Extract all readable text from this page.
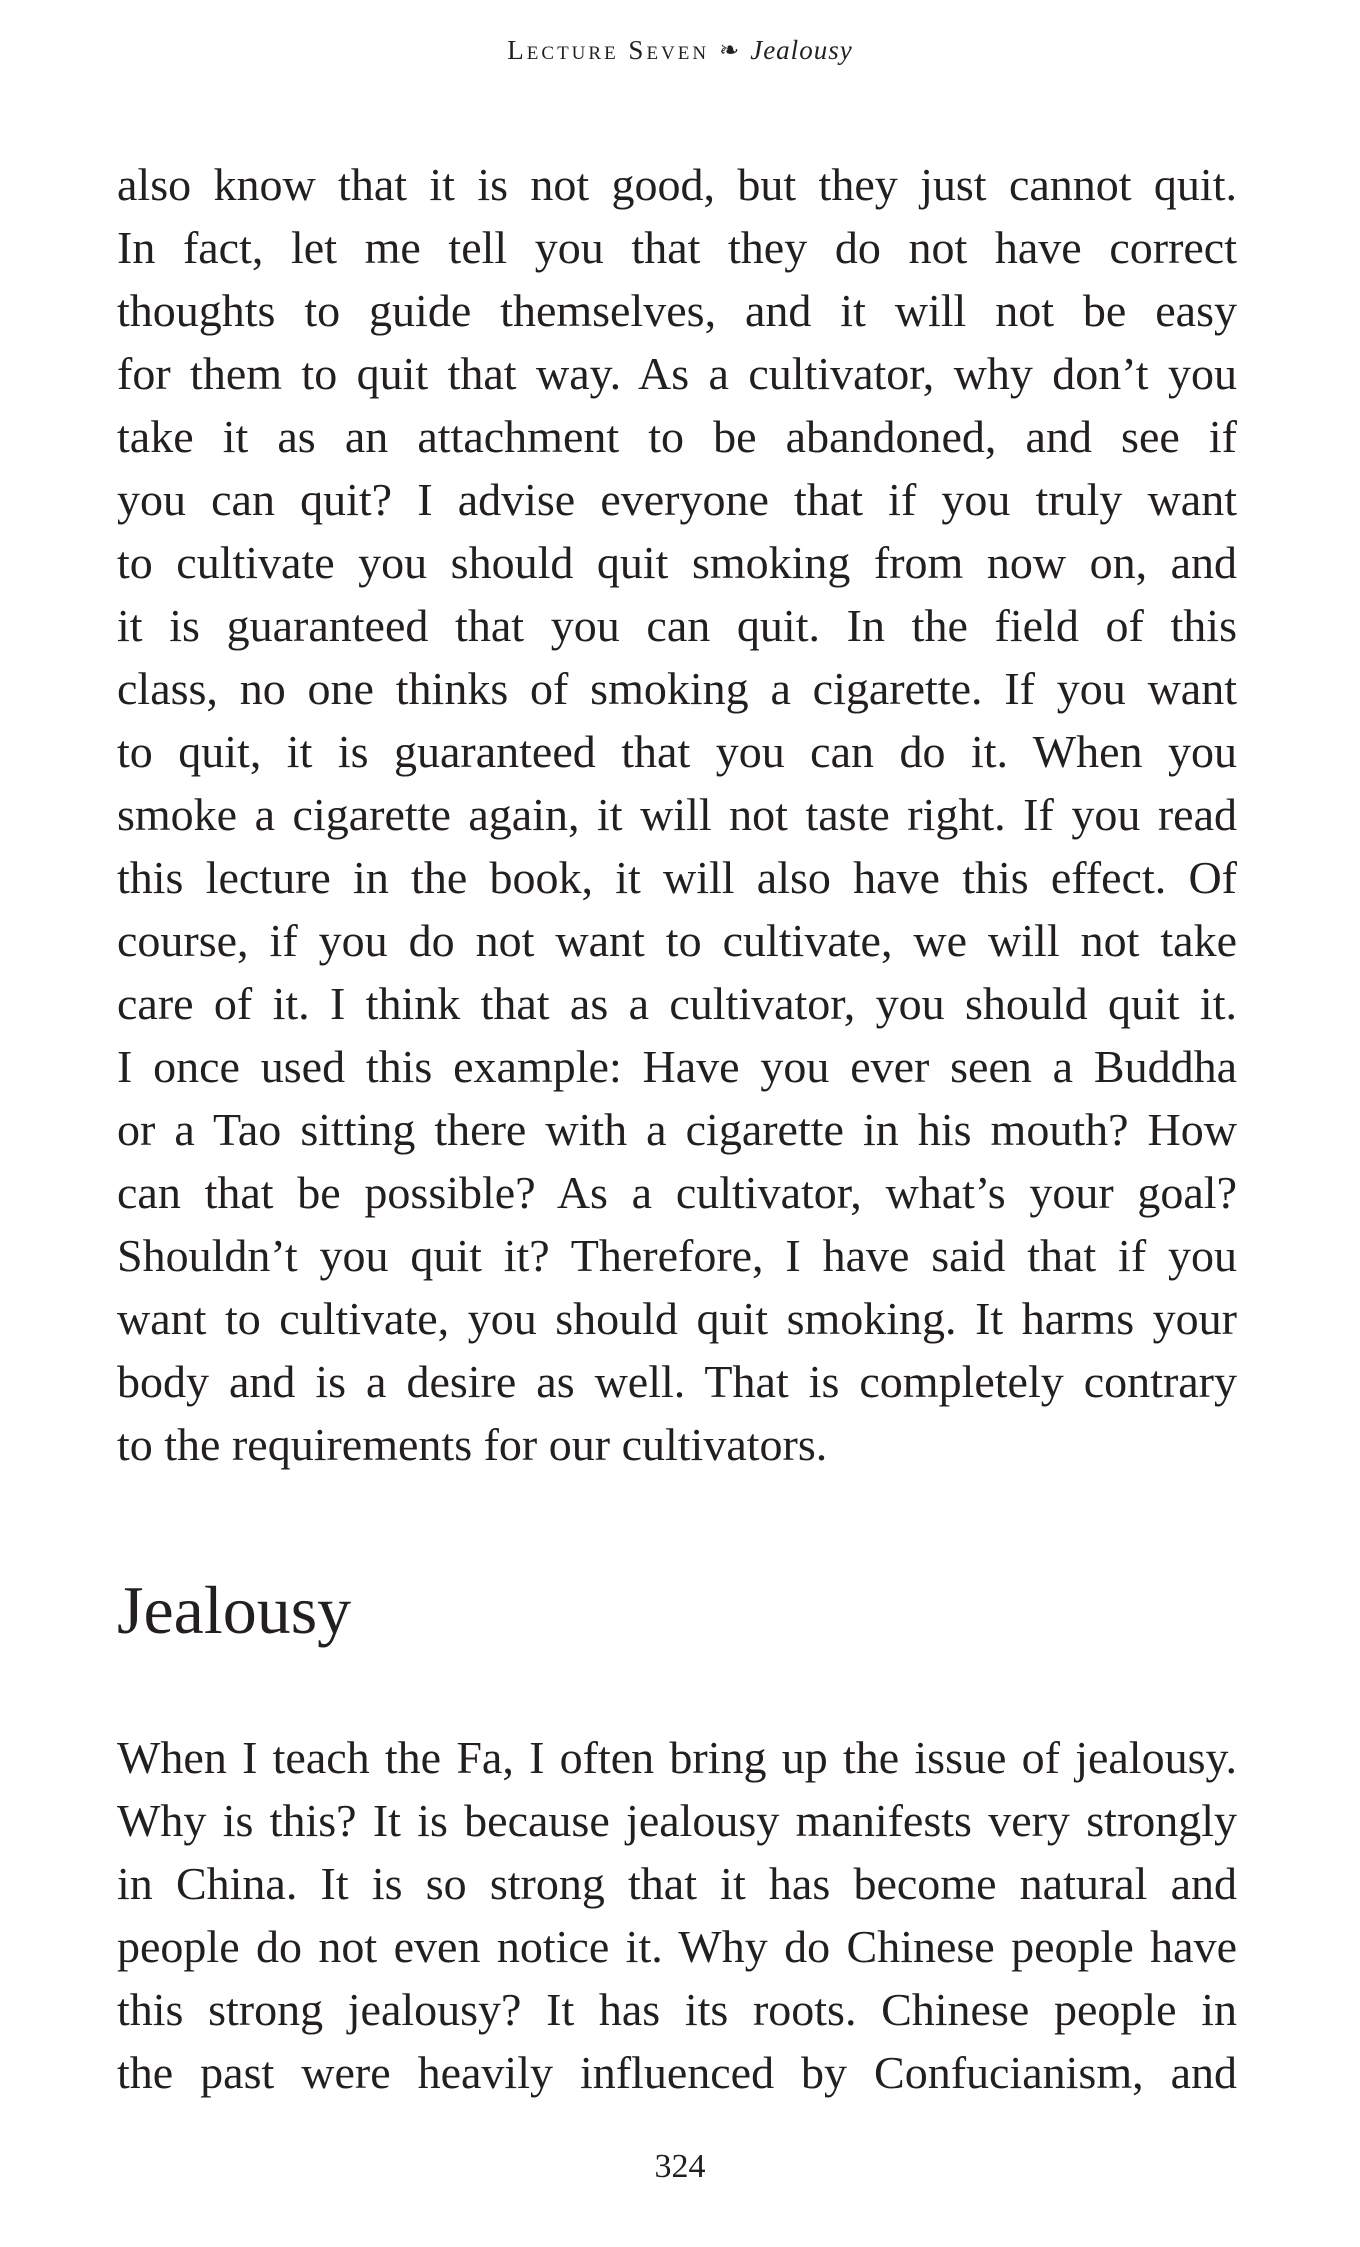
Lecture Seven ❧ Jealousy
also know that it is not good, but they just cannot quit.
In fact, let me tell you that they do not have correct
thoughts to guide themselves, and it will not be easy
for them to quit that way. As a cultivator, why don’t you
take it as an attachment to be abandoned, and see if
you can quit? I advise everyone that if you truly want
to cultivate you should quit smoking from now on, and
it is guaranteed that you can quit. In the field of this
class, no one thinks of smoking a cigarette. If you want
to quit, it is guaranteed that you can do it. When you
smoke a cigarette again, it will not taste right. If you read
this lecture in the book, it will also have this effect. Of
course, if you do not want to cultivate, we will not take
care of it. I think that as a cultivator, you should quit it.
I once used this example: Have you ever seen a Buddha
or a Tao sitting there with a cigarette in his mouth? How
can that be possible? As a cultivator, what’s your goal?
Shouldn’t you quit it? Therefore, I have said that if you
want to cultivate, you should quit smoking. It harms your
body and is a desire as well. That is completely contrary
to the requirements for our cultivators.
Jealousy
When I teach the Fa, I often bring up the issue of jealousy.
Why is this? It is because jealousy manifests very strongly
in China. It is so strong that it has become natural and
people do not even notice it. Why do Chinese people have
this strong jealousy? It has its roots. Chinese people in
the past were heavily influenced by Confucianism, and
324
